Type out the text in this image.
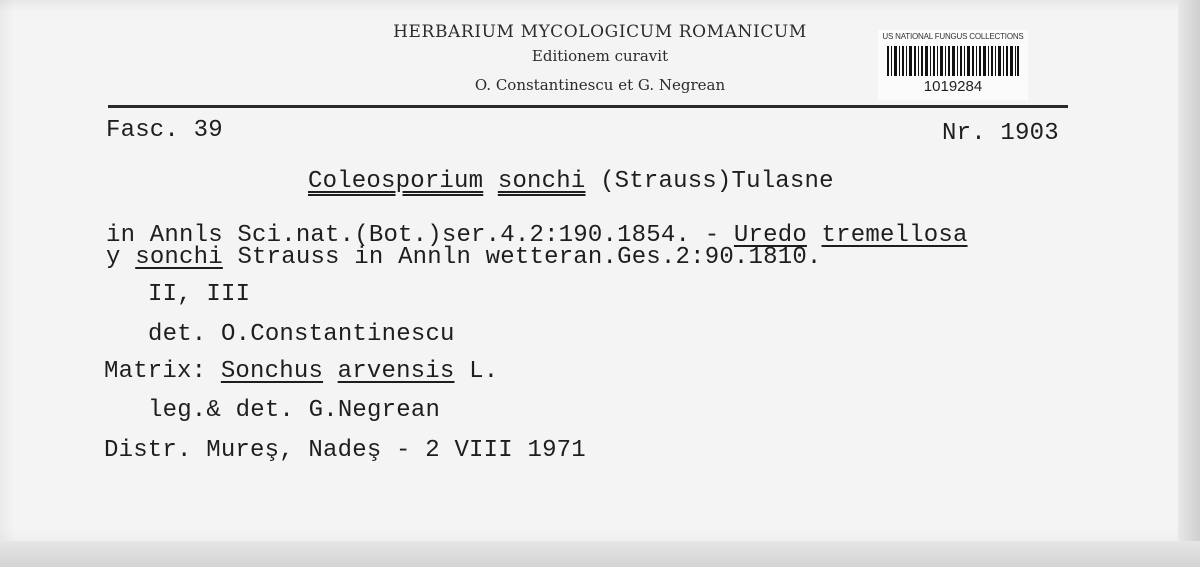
HERBARIUM MYCOLOGICUM ROMANICUM
Editionem curavit
O. Constantinescu et G. Negrean
US NATIONAL FUNGUS COLLECTIONS
1019284
Fasc. 39	Nr. 1903
Coleosporium sonchi (Strauss)Tulasne
in Annls Sci.nat.(Bot.)ser.4.2:190.1854. - Uredo tremellosa
y sonchi Strauss in Annln wetteran.Ges.2:90.1810.
II, III
det. O.Constantinescu
Matrix: Sonchus arvensis L.
leg.& det. G.Negrean
Distr. Mureş, Nadeş - 2 VIII 1971
